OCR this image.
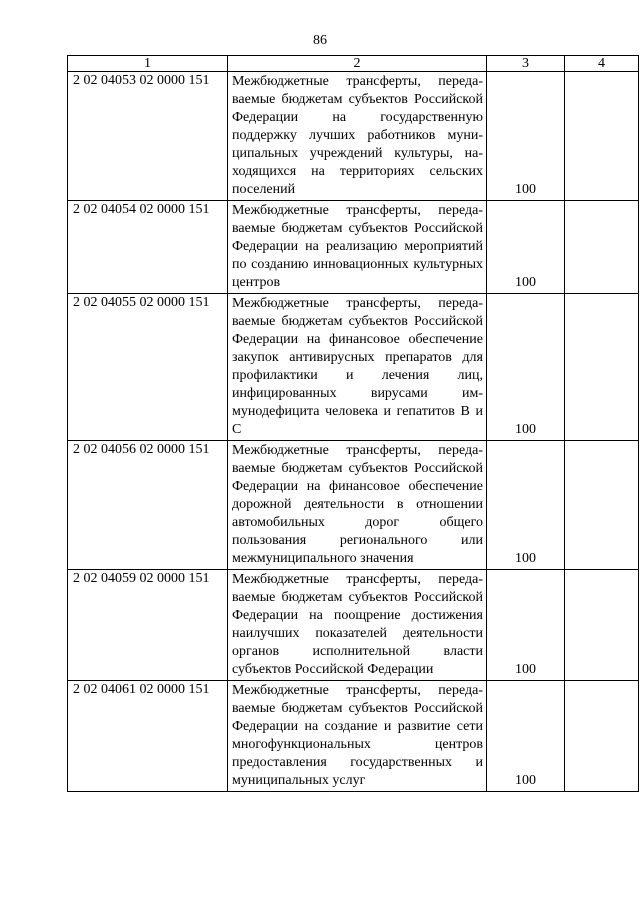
86
1	2	3	4
2 02 04053 02 0000 151	Межбюджетные трансферты, передаваемые бюджетам субъектов Российской Федерации на государственную поддержку лучших работников муниципальных учреждений культуры, находящихся на территориях сельских поселений	100	
2 02 04054 02 0000 151	Межбюджетные трансферты, передаваемые бюджетам субъектов Российской Федерации на реализацию мероприятий по созданию инновационных культурных центров	100	
2 02 04055 02 0000 151	Межбюджетные трансферты, передаваемые бюджетам субъектов Российской Федерации на финансовое обеспечение закупок антивирусных препаратов для профилактики и лечения лиц, инфицированных вирусами иммунодефицита человека и гепатитов В и С	100	
2 02 04056 02 0000 151	Межбюджетные трансферты, передаваемые бюджетам субъектов Российской Федерации на финансовое обеспечение дорожной деятельности в отношении автомобильных дорог общего пользования регионального или межмуниципального значения	100	
2 02 04059 02 0000 151	Межбюджетные трансферты, передаваемые бюджетам субъектов Российской Федерации на поощрение достижения наилучших показателей деятельности органов исполнительной власти субъектов Российской Федерации	100	
2 02 04061 02 0000 151	Межбюджетные трансферты, передаваемые бюджетам субъектов Российской Федерации на создание и развитие сети многофункциональных центров предоставления государственных и муниципальных услуг	100	
